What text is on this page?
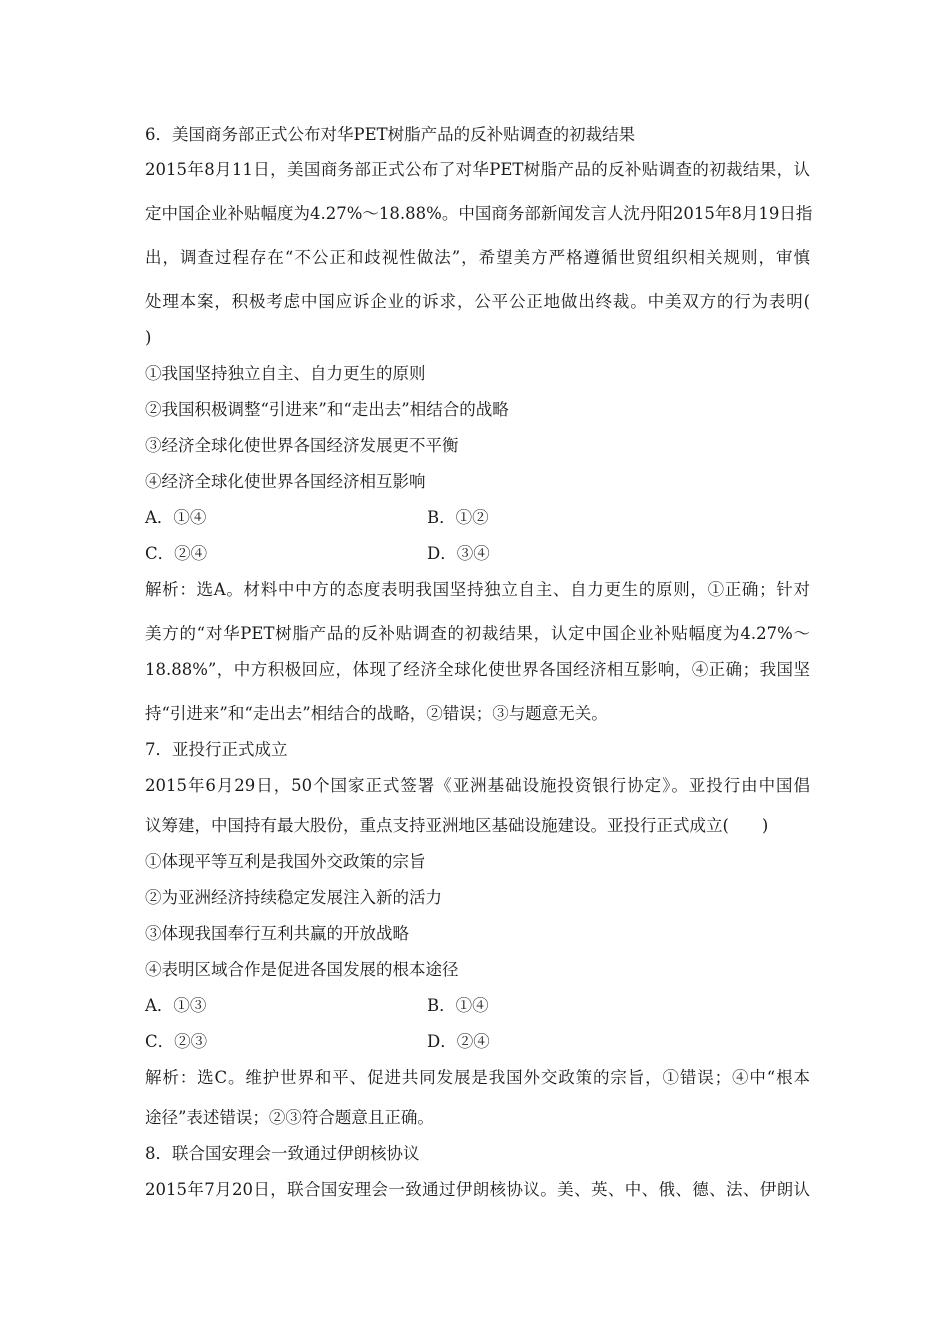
6．美国商务部正式公布对华PET树脂产品的反补贴调查的初裁结果
2015年8月11日，美国商务部正式公布了对华PET树脂产品的反补贴调查的初裁结果，认
定中国企业补贴幅度为4.27%～18.88%。中国商务部新闻发言人沈丹阳2015年8月19日指
出，调查过程存在“不公正和歧视性做法”，希望美方严格遵循世贸组织相关规则，审慎
处理本案，积极考虑中国应诉企业的诉求，公平公正地做出终裁。中美双方的行为表明(
)
①我国坚持独立自主、自力更生的原则
②我国积极调整“引进来”和“走出去”相结合的战略
③经济全球化使世界各国经济发展更不平衡
④经济全球化使世界各国经济相互影响
A．①④	B．①②
C．②④	D．③④
解析：选A。材料中中方的态度表明我国坚持独立自主、自力更生的原则，①正确；针对
美方的“对华PET树脂产品的反补贴调查的初裁结果，认定中国企业补贴幅度为4.27%～
18.88%”，中方积极回应，体现了经济全球化使世界各国经济相互影响，④正确；我国坚
持“引进来”和“走出去”相结合的战略，②错误；③与题意无关。
7．亚投行正式成立
2015年6月29日，50个国家正式签署《亚洲基础设施投资银行协定》。亚投行由中国倡
议筹建，中国持有最大股份，重点支持亚洲地区基础设施建设。亚投行正式成立(　　)
①体现平等互利是我国外交政策的宗旨
②为亚洲经济持续稳定发展注入新的活力
③体现我国奉行互利共赢的开放战略
④表明区域合作是促进各国发展的根本途径
A．①③	B．①④
C．②③	D．②④
解析：选C。维护世界和平、促进共同发展是我国外交政策的宗旨，①错误；④中“根本
途径”表述错误；②③符合题意且正确。
8．联合国安理会一致通过伊朗核协议
2015年7月20日，联合国安理会一致通过伊朗核协议。美、英、中、俄、德、法、伊朗认
